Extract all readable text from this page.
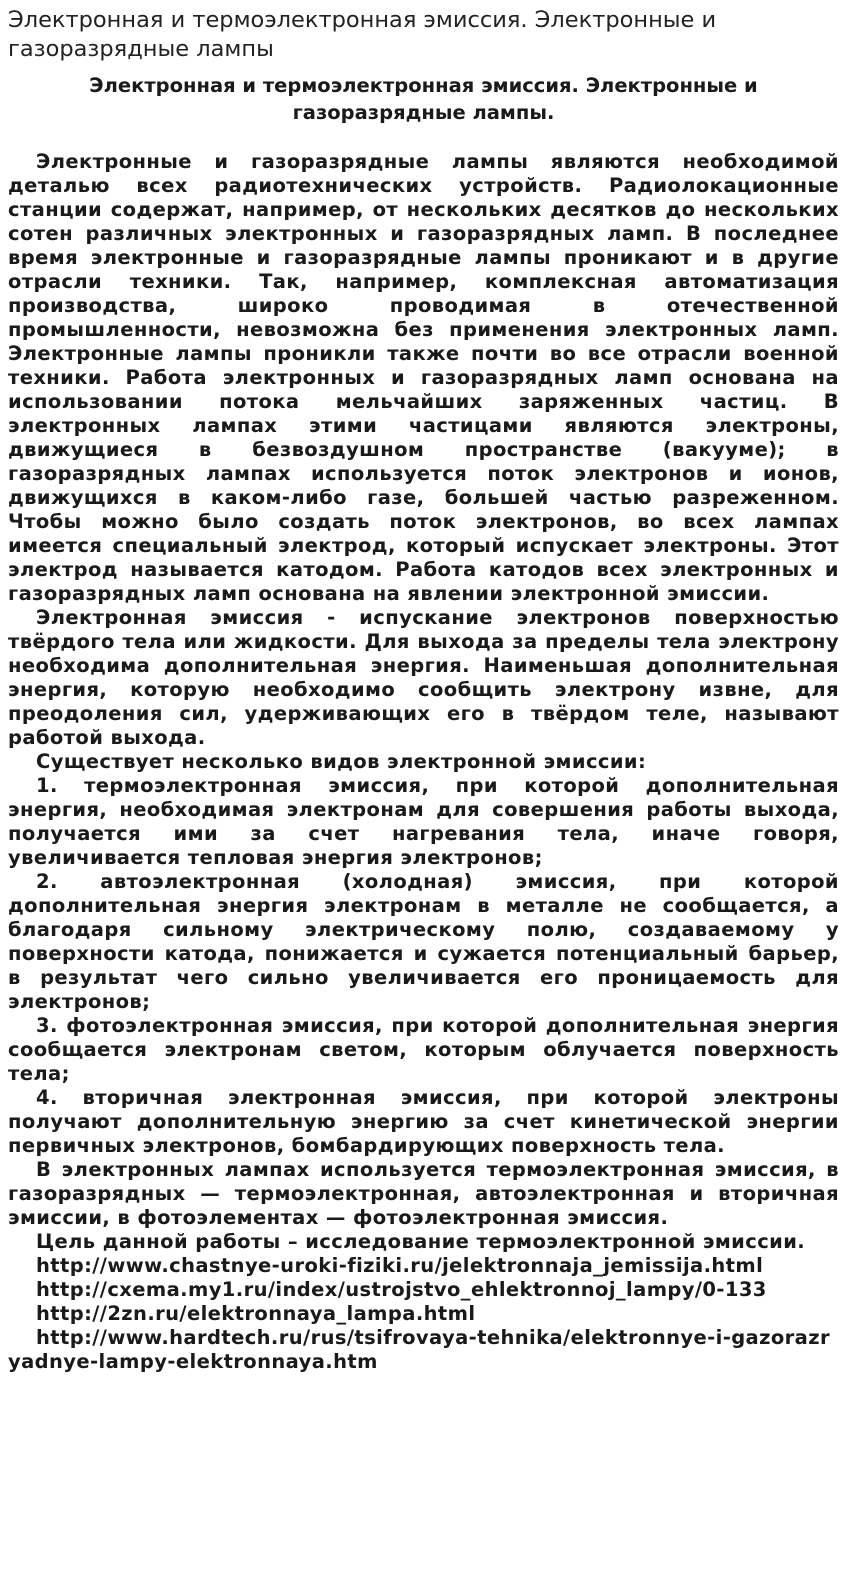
Электронная и термоэлектронная эмиссия. Электронные и газоразрядные лампы
Электронная и термоэлектронная эмиссия. Электронные и газоразрядные лампы.

Электронные и газоразрядные лампы являются необходимой деталью всех радиотехнических устройств. Радиолокационные станции содержат, например, от нескольких десятков до нескольких сотен различных электронных и газоразрядных ламп. В последнее время электронные и газоразрядные лампы проникают и в другие отрасли техники. Так, например, комплексная автоматизация производства, широко проводимая в отечественной промышленности, невозможна без применения электронных ламп. Электронные лампы проникли также почти во все отрасли военной техники. Работа электронных и газоразрядных ламп основана на использовании потока мельчайших заряженных частиц. В электронных лампах этими частицами являются электроны, движущиеся в безвоздушном пространстве (вакууме); в газоразрядных лампах используется поток электронов и ионов, движущихся в каком-либо газе, большей частью разреженном. Чтобы можно было создать поток электронов, во всех лампах имеется специальный электрод, который испускает электроны. Этот электрод называется катодом. Работа катодов всех электронных и газоразрядных ламп основана на явлении электронной эмиссии.

Электронная эмиссия - испускание электронов поверхностью твёрдого тела или жидкости. Для выхода за пределы тела электрону необходима дополнительная энергия. Наименьшая дополнительная энергия, которую необходимо сообщить электрону извне, для преодоления сил, удерживающих его в твёрдом теле, называют работой выхода.

Существует несколько видов электронной эмиссии:

1. термоэлектронная эмиссия, при которой дополнительная энергия, необходимая электронам для совершения работы выхода, получается ими за счет нагревания тела, иначе говоря, увеличивается тепловая энергия электронов;

2. автоэлектронная (холодная) эмиссия, при которой дополнительная энергия электронам в металле не сообщается, а благодаря сильному электрическому полю, создаваемому у поверхности катода, понижается и сужается потенциальный барьер, в результат чего сильно увеличивается его проницаемость для электронов;

3. фотоэлектронная эмиссия, при которой дополнительная энергия сообщается электронам светом, которым облучается поверхность тела;

4. вторичная электронная эмиссия, при которой электроны получают дополнительную энергию за счет кинетической энергии первичных электронов, бомбардирующих поверхность тела.

В электронных лампах используется термоэлектронная эмиссия, в газоразрядных — термоэлектронная, автоэлектронная и вторичная эмиссии, в фотоэлементах — фотоэлектронная эмиссия.

Цель данной работы – исследование термоэлектронной эмиссии.

http://www.chastnye-uroki-fiziki.ru/jelektronnaja_jemissija.html
http://cxema.my1.ru/index/ustrojstvo_ehlektronnoj_lampy/0-133
http://2zn.ru/elektronnaya_lampa.html
http://www.hardtech.ru/rus/tsifrovaya-tehnika/elektronnye-i-gazorazryadnye-lampy-elektronnaya.htm
